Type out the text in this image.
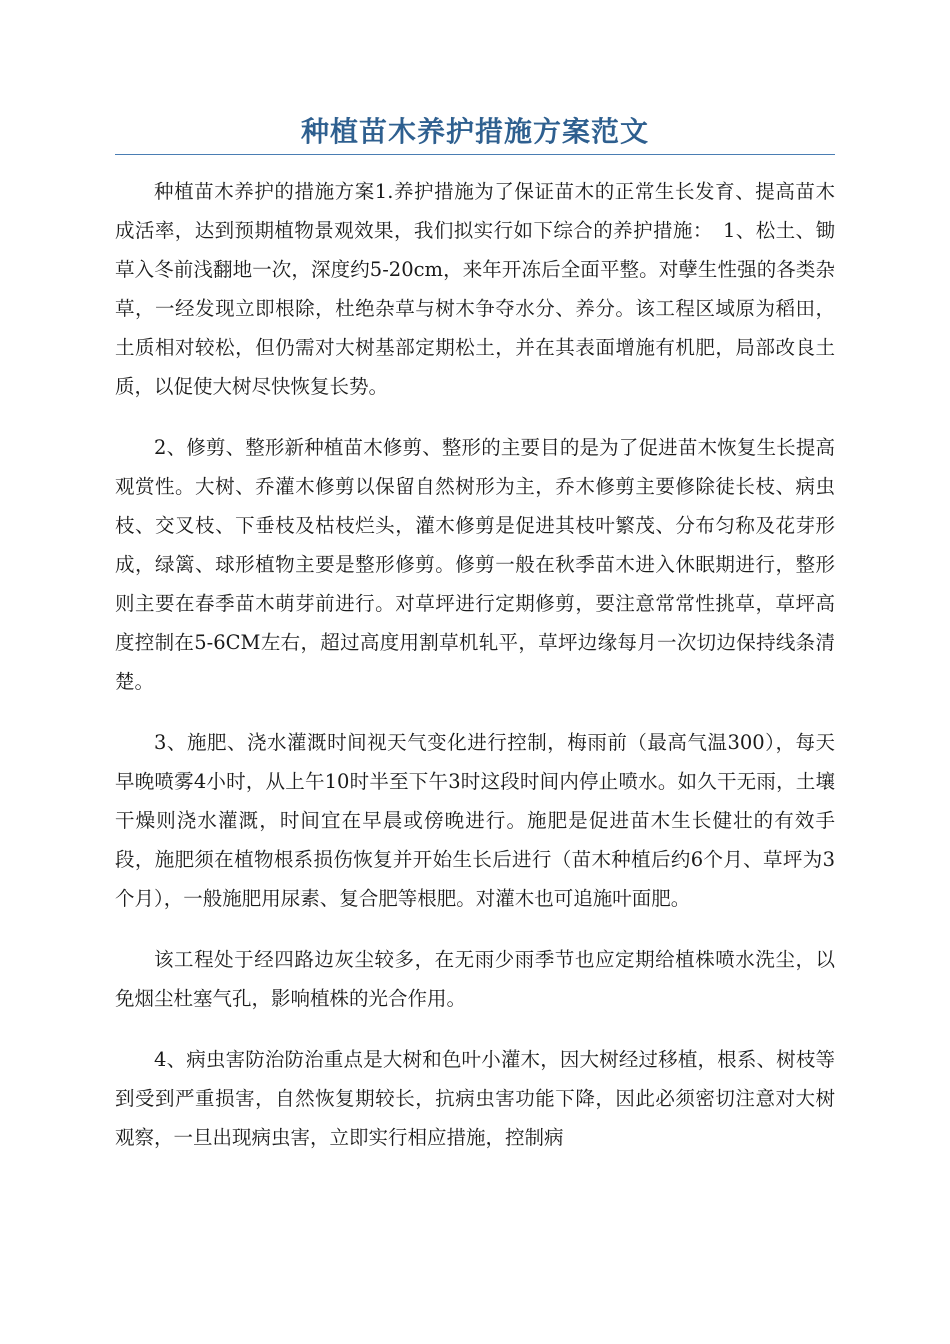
种植苗木养护措施方案范文

种植苗木养护的措施方案1.养护措施为了保证苗木的正常生长发育、提高苗木成活率，达到预期植物景观效果，我们拟实行如下综合的养护措施：　1、松土、锄草入冬前浅翻地一次，深度约5-20cm，来年开冻后全面平整。对孽生性强的各类杂草，一经发现立即根除，杜绝杂草与树木争夺水分、养分。该工程区域原为稻田，土质相对较松，但仍需对大树基部定期松土，并在其表面增施有机肥，局部改良土质，以促使大树尽快恢复长势。

2、修剪、整形新种植苗木修剪、整形的主要目的是为了促进苗木恢复生长提高观赏性。大树、乔灌木修剪以保留自然树形为主，乔木修剪主要修除徒长枝、病虫枝、交叉枝、下垂枝及枯枝烂头，灌木修剪是促进其枝叶繁茂、分布匀称及花芽形成，绿篱、球形植物主要是整形修剪。修剪一般在秋季苗木进入休眠期进行，整形则主要在春季苗木萌芽前进行。对草坪进行定期修剪，要注意常常性挑草，草坪高度控制在5-6CM左右，超过高度用割草机轧平，草坪边缘每月一次切边保持线条清楚。

3、施肥、浇水灌溉时间视天气变化进行控制，梅雨前（最高气温300），每天早晚喷雾4小时，从上午10时半至下午3时这段时间内停止喷水。如久干无雨，土壤干燥则浇水灌溉，时间宜在早晨或傍晚进行。施肥是促进苗木生长健壮的有效手段，施肥须在植物根系损伤恢复并开始生长后进行（苗木种植后约6个月、草坪为3个月），一般施肥用尿素、复合肥等根肥。对灌木也可追施叶面肥。

该工程处于经四路边灰尘较多，在无雨少雨季节也应定期给植株喷水洗尘，以免烟尘杜塞气孔，影响植株的光合作用。

4、病虫害防治防治重点是大树和色叶小灌木，因大树经过移植，根系、树枝等到受到严重损害，自然恢复期较长，抗病虫害功能下降，因此必须密切注意对大树观察，一旦出现病虫害，立即实行相应措施，控制病
